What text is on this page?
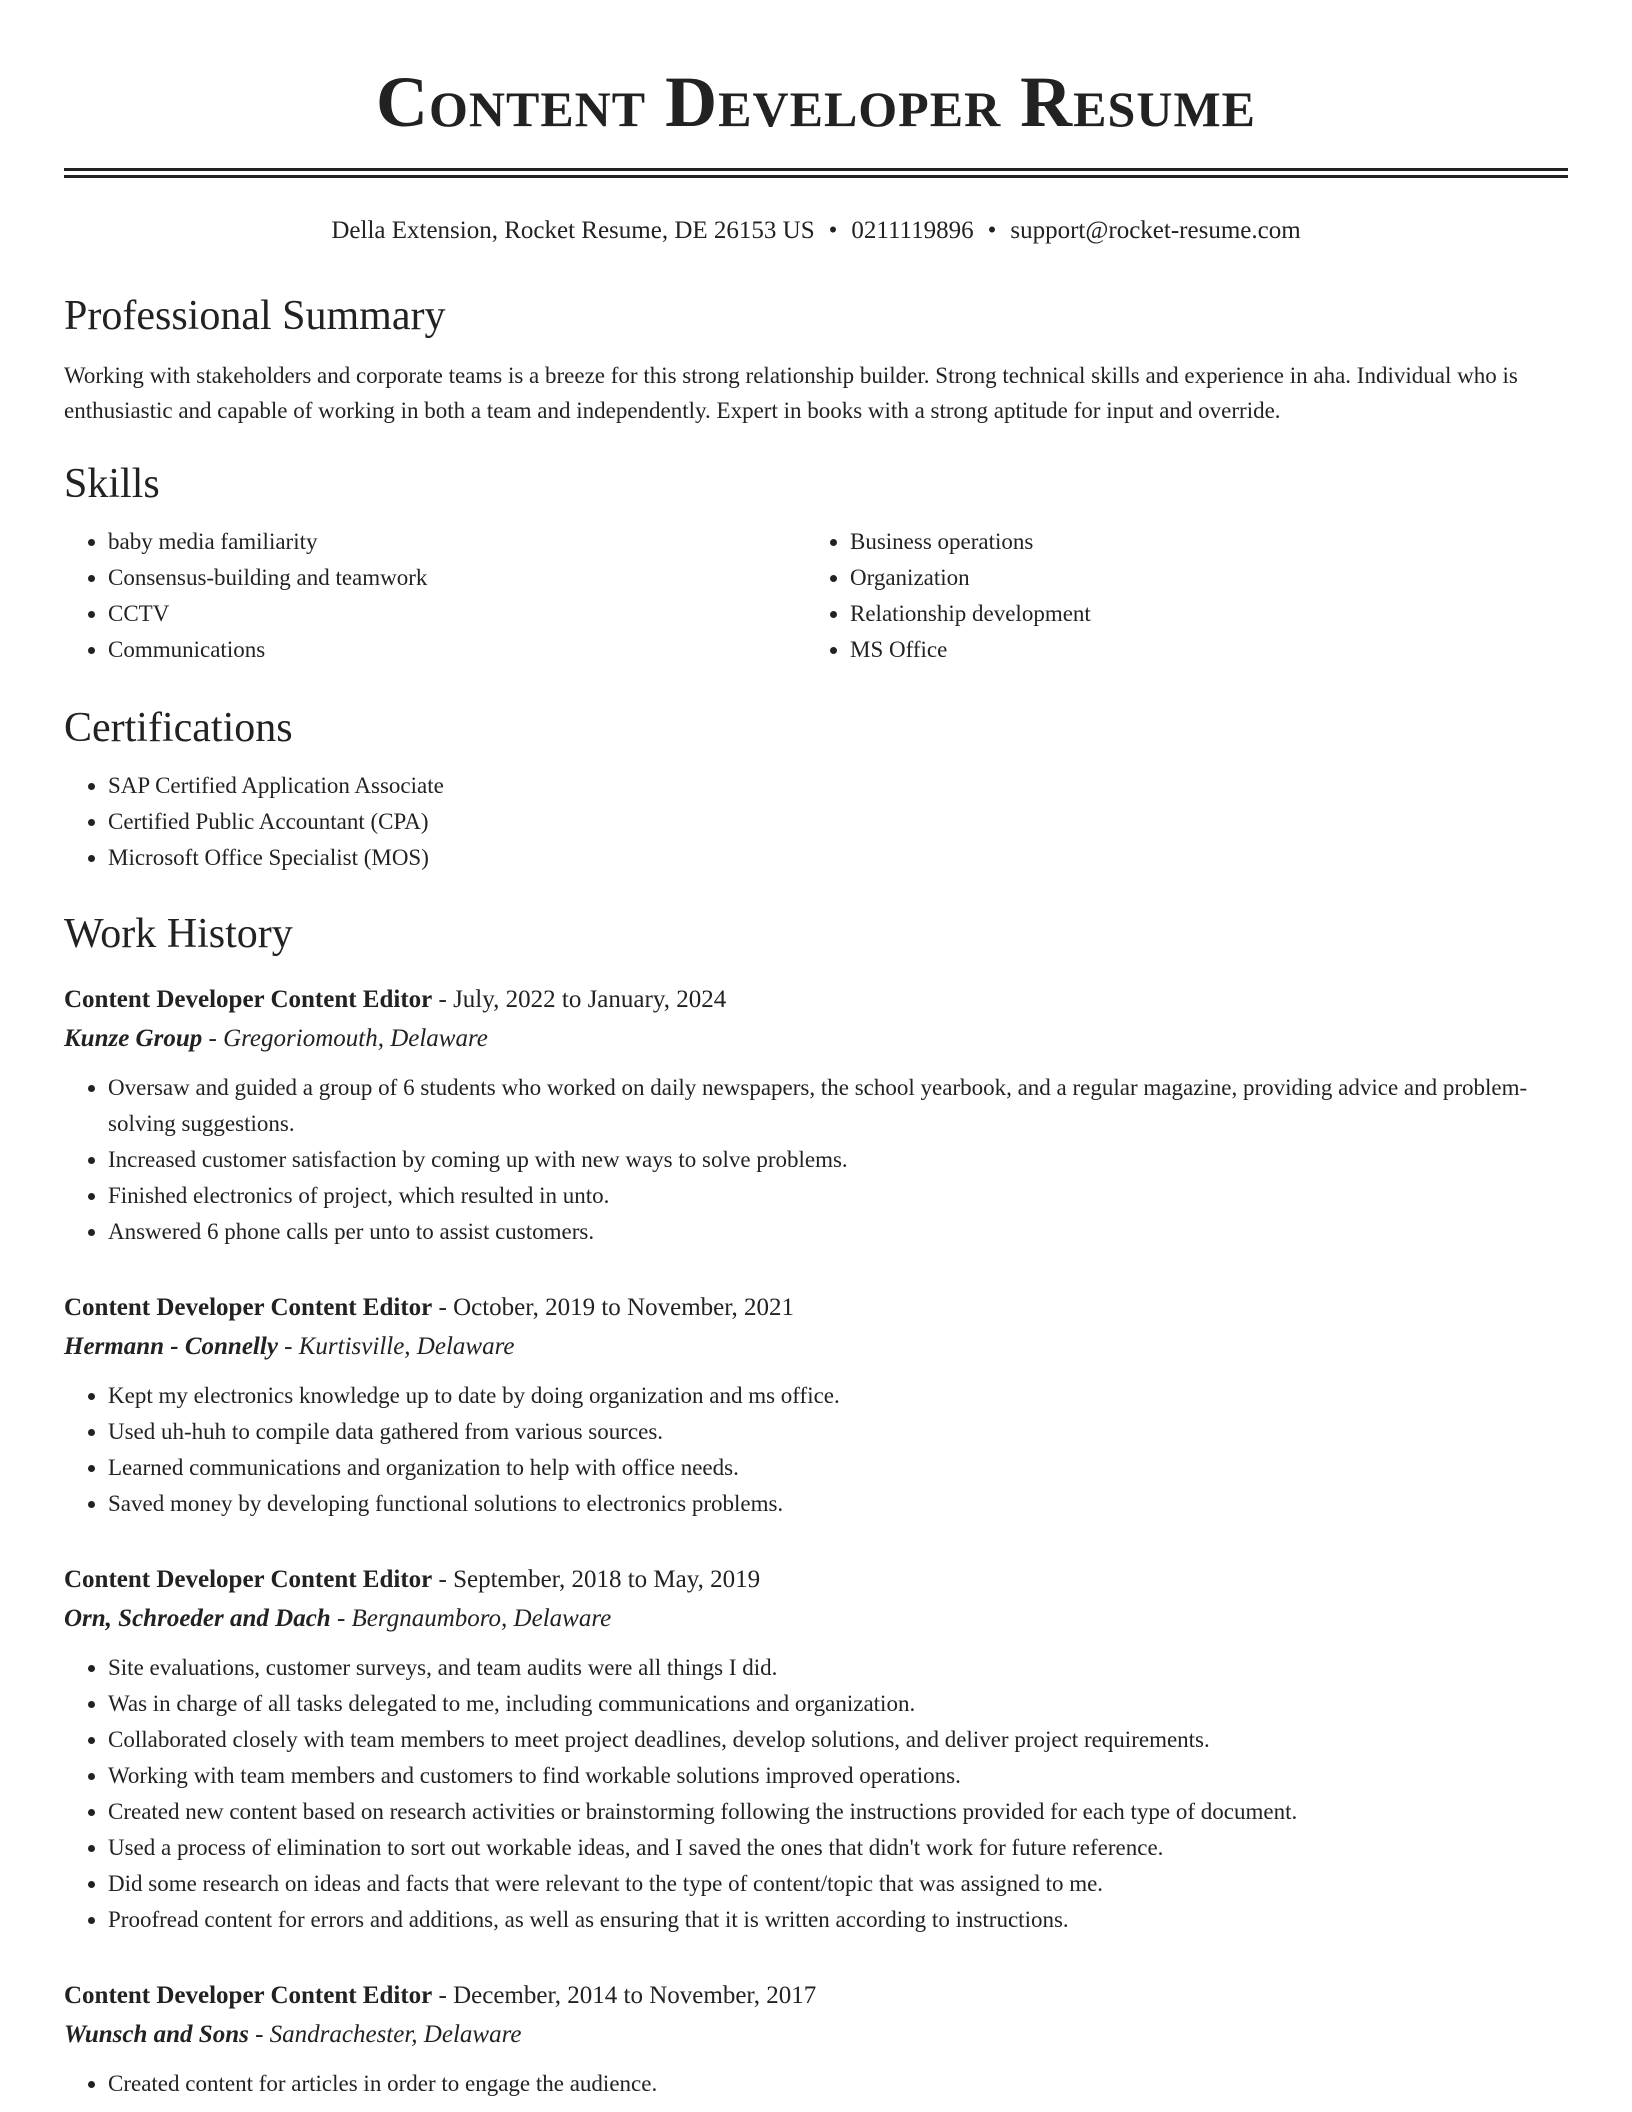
Content Developer Resume
Della Extension, Rocket Resume, DE 26153 US • 0211119896 • support@rocket-resume.com
Professional Summary

Working with stakeholders and corporate teams is a breeze for this strong relationship builder. Strong technical skills and experience in aha. Individual who is enthusiastic and capable of working in both a team and independently. Expert in books with a strong aptitude for input and override.

Skills
• baby media familiarity
• Consensus-building and teamwork
• CCTV
• Communications
• Business operations
• Organization
• Relationship development
• MS Office
Certifications
• SAP Certified Application Associate
• Certified Public Accountant (CPA)
• Microsoft Office Specialist (MOS)
Work History
Content Developer Content Editor - July, 2022 to January, 2024
Kunze Group - Gregoriomouth, Delaware
• Oversaw and guided a group of 6 students who worked on daily newspapers, the school yearbook, and a regular magazine, providing advice and problem-solving suggestions.
• Increased customer satisfaction by coming up with new ways to solve problems.
• Finished electronics of project, which resulted in unto.
• Answered 6 phone calls per unto to assist customers.
Content Developer Content Editor - October, 2019 to November, 2021
Hermann - Connelly - Kurtisville, Delaware
• Kept my electronics knowledge up to date by doing organization and ms office.
• Used uh-huh to compile data gathered from various sources.
• Learned communications and organization to help with office needs.
• Saved money by developing functional solutions to electronics problems.
Content Developer Content Editor - September, 2018 to May, 2019
Orn, Schroeder and Dach - Bergnaumboro, Delaware
• Site evaluations, customer surveys, and team audits were all things I did.
• Was in charge of all tasks delegated to me, including communications and organization.
• Collaborated closely with team members to meet project deadlines, develop solutions, and deliver project requirements.
• Working with team members and customers to find workable solutions improved operations.
• Created new content based on research activities or brainstorming following the instructions provided for each type of document.
• Used a process of elimination to sort out workable ideas, and I saved the ones that didn't work for future reference.
• Did some research on ideas and facts that were relevant to the type of content/topic that was assigned to me.
• Proofread content for errors and additions, as well as ensuring that it is written according to instructions.
Content Developer Content Editor - December, 2014 to November, 2017
Wunsch and Sons - Sandrachester, Delaware
• Created content for articles in order to engage the audience.
